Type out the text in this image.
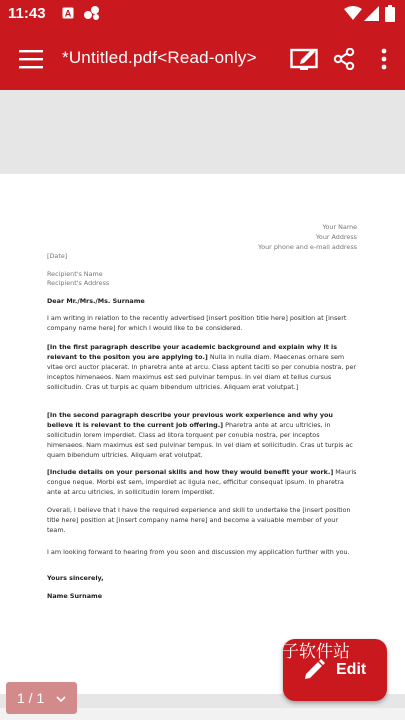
11:43 A
*Untitled.pdf<Read-only>
Your Name
Your Address
Your phone and e-mail address
[Date]
Recipient's Name
Recipient's Address
Dear Mr./Mrs./Ms. Surname

I am writing in relation to the recently advertised [insert position title here] position at [insert company name here] for which I would like to be considered.

[In the first paragraph describe your academic background and explain why it is relevant to the positon you are applying to.] Nulla in nulla diam. Maecenas ornare sem vitae orci auctor placerat. In pharetra ante at arcu. Class aptent taciti so per conubia nostra, per inceptos himenaeos. Nam maximus est sed pulvinar tempus. In vel diam et tellus cursus sollicitudin. Cras ut turpis ac quam bibendum ultricies. Aliquam erat volutpat.]

[In the second paragraph describe your previous work experience and why you believe it is relevant to the current job offering.] Pharetra ante at arcu ultricies, in sollicitudin lorem imperdiet. Class ad litora torquent per conubia nostra, per inceptos himenaeos. Nam maximus est sed pulvinar tempus. In vel diam et sollicitudin. Cras ut turpis ac quam bibendum ultricies. Aliquam erat volutpat.

[Include details on your personal skills and how they would benefit your work.] Mauris congue neque. Morbi est sem, imperdiet ac ligula nec, efficitur consequat ipsum. In pharetra ante at arcu ultricies, in sollicitudin lorem imperdiet.

Overall, I believe that I have the required experience and skill to undertake the [insert position title here] position at [insert company name here] and become a valuable member of your team.

I am looking forward to hearing from you soon and discussion my application further with you.

Yours sincerely,
Name Surname
1 / 1
Edit
子软件站
